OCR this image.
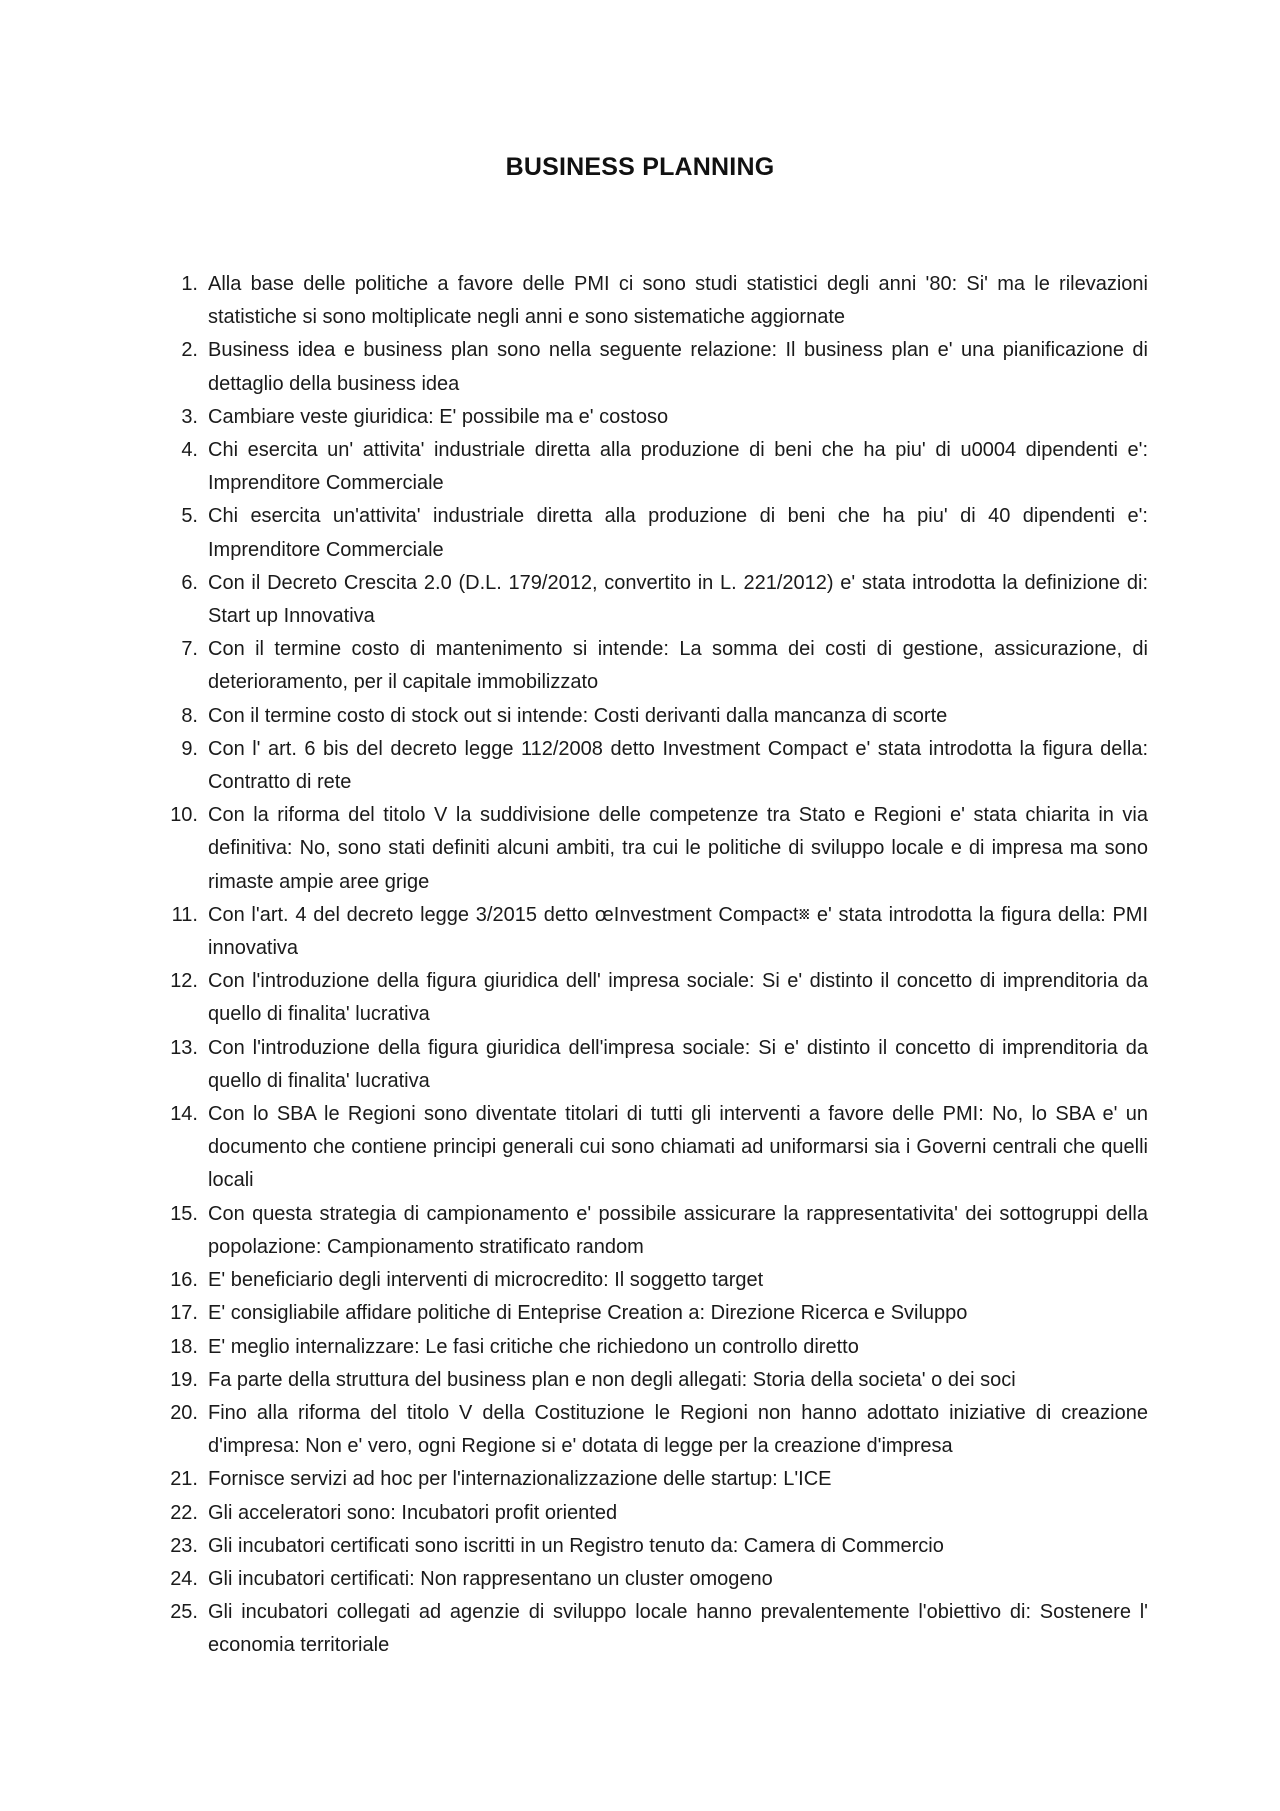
BUSINESS PLANNING
1. Alla base delle politiche a favore delle PMI ci sono studi statistici degli anni '80: Si' ma le rilevazioni statistiche si sono moltiplicate negli anni e sono sistematiche aggiornate
2. Business idea e business plan sono nella seguente relazione: Il business plan e' una pianificazione di dettaglio della business idea
3. Cambiare veste giuridica: E' possibile ma e' costoso
4. Chi esercita un' attivita' industriale diretta alla produzione di beni che ha piu' di u0004 dipendenti e': Imprenditore Commerciale
5. Chi esercita un'attivita' industriale diretta alla produzione di beni che ha piu' di 40 dipendenti e': Imprenditore Commerciale
6. Con il Decreto Crescita 2.0 (D.L. 179/2012, convertito in L. 221/2012) e' stata introdotta la definizione di: Start up Innovativa
7. Con il termine costo di mantenimento si intende: La somma dei costi di gestione, assicurazione, di deterioramento, per il capitale immobilizzato
8. Con il termine costo di stock out si intende: Costi derivanti dalla mancanza di scorte
9. Con l' art. 6 bis del decreto legge 112/2008 detto Investment Compact e' stata introdotta la figura della: Contratto di rete
10. Con la riforma del titolo V la suddivisione delle competenze tra Stato e Regioni e' stata chiarita in via definitiva: No, sono stati definiti alcuni ambiti, tra cui le politiche di sviluppo locale e di impresa ma sono rimaste ampie aree grige
11. Con l'art. 4 del decreto legge 3/2015 detto œInvestment Compact␧ e' stata introdotta la figura della: PMI innovativa
12. Con l'introduzione della figura giuridica dell' impresa sociale: Si e' distinto il concetto di imprenditoria da quello di finalita' lucrativa
13. Con l'introduzione della figura giuridica dell'impresa sociale: Si e' distinto il concetto di imprenditoria da quello di finalita' lucrativa
14. Con lo SBA le Regioni sono diventate titolari di tutti gli interventi a favore delle PMI: No, lo SBA e' un documento che contiene principi generali cui sono chiamati ad uniformarsi sia i Governi centrali che quelli locali
15. Con questa strategia di campionamento e' possibile assicurare la rappresentativita' dei sottogruppi della popolazione: Campionamento stratificato random
16. E' beneficiario degli interventi di microcredito: Il soggetto target
17. E' consigliabile affidare politiche di Enteprise Creation a: Direzione Ricerca e Sviluppo
18. E' meglio internalizzare: Le fasi critiche che richiedono un controllo diretto
19. Fa parte della struttura del business plan e non degli allegati: Storia della societa' o dei soci
20. Fino alla riforma del titolo V della Costituzione le Regioni non hanno adottato iniziative di creazione d'impresa: Non e' vero, ogni Regione si e' dotata di legge per la creazione d'impresa
21. Fornisce servizi ad hoc per l'internazionalizzazione delle startup: L'ICE
22. Gli acceleratori sono: Incubatori profit oriented
23. Gli incubatori certificati sono iscritti in un Registro tenuto da: Camera di Commercio
24. Gli incubatori certificati: Non rappresentano un cluster omogeno
25. Gli incubatori collegati ad agenzie di sviluppo locale hanno prevalentemente l'obiettivo di: Sostenere l' economia territoriale
